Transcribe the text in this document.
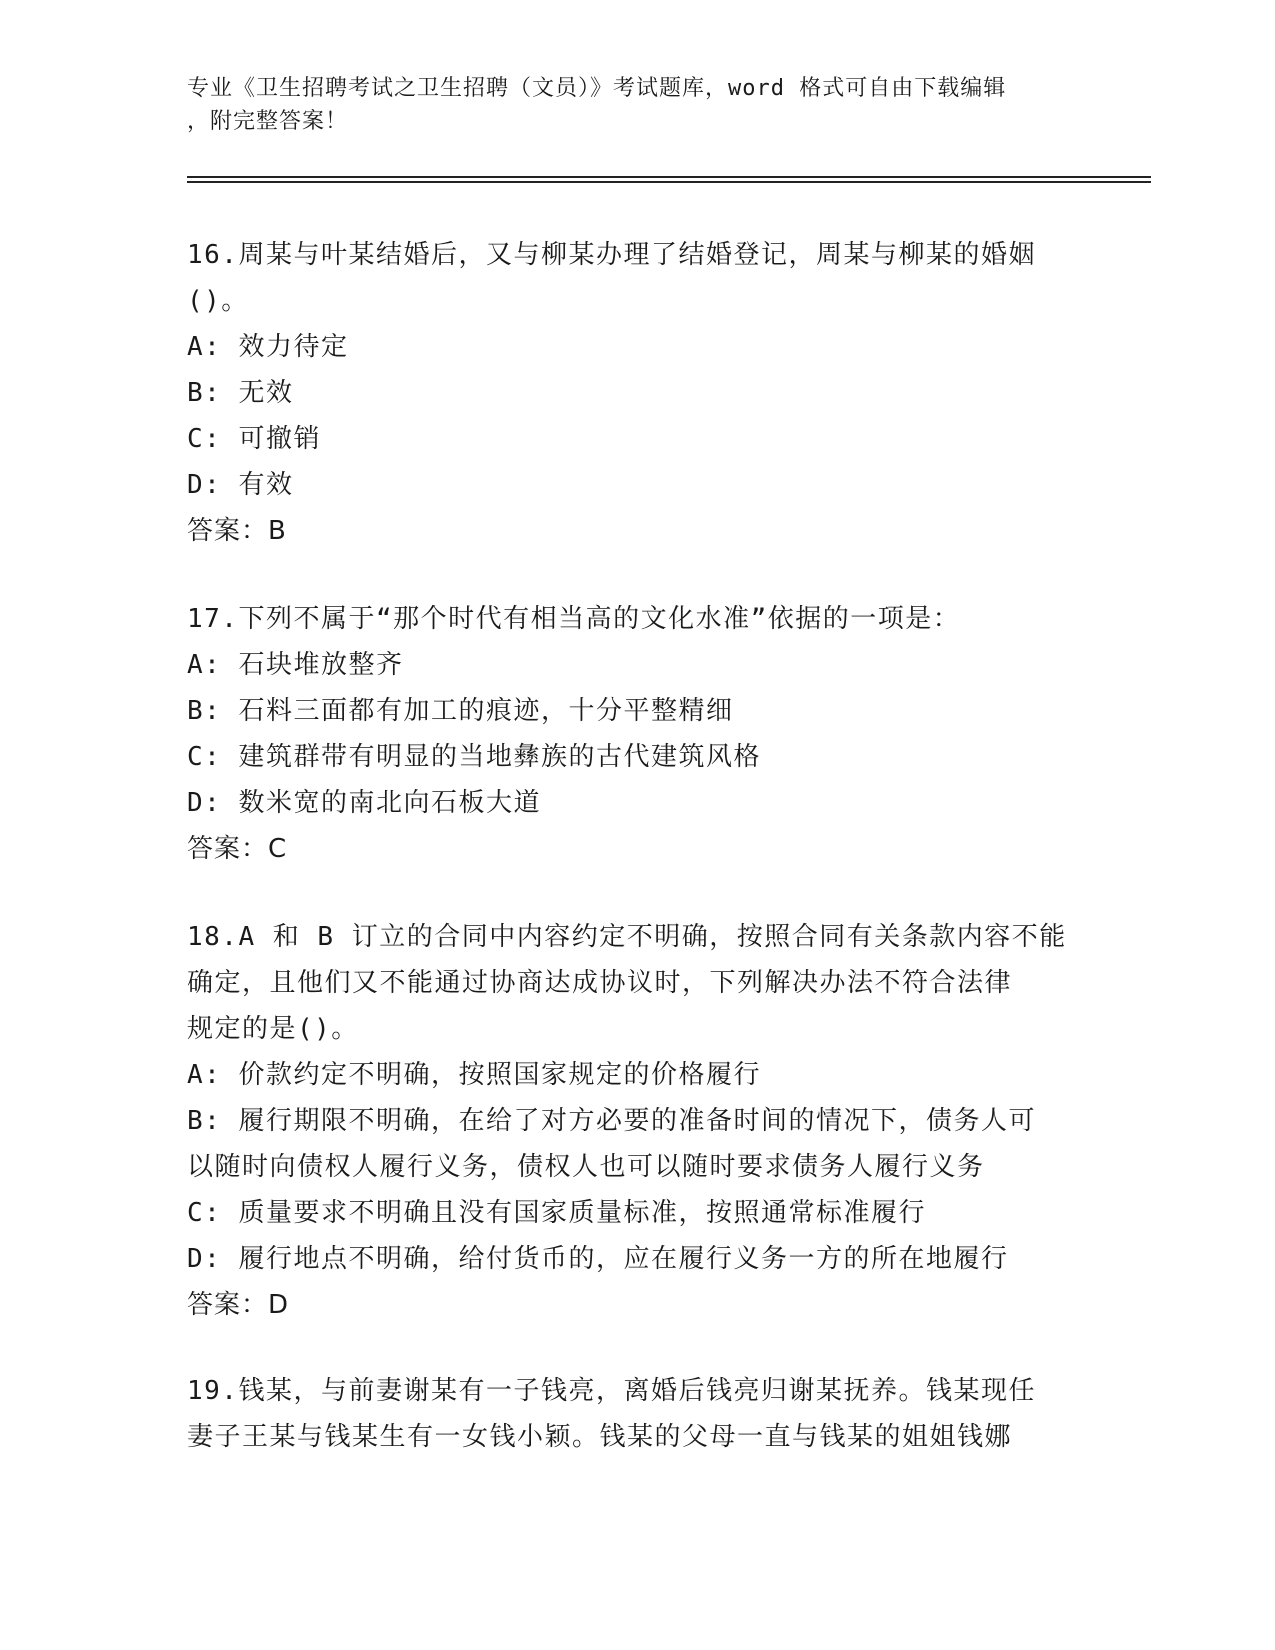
专业《卫生招聘考试之卫生招聘（文员）》考试题库，word 格式可自由下载编辑
，附完整答案！

16.周某与叶某结婚后，又与柳某办理了结婚登记，周某与柳某的婚姻

()。

A: 效力待定

B: 无效

C: 可撤销

D: 有效

答案：B

17.下列不属于“那个时代有相当高的文化水准”依据的一项是：

A: 石块堆放整齐

B: 石料三面都有加工的痕迹，十分平整精细

C: 建筑群带有明显的当地彝族的古代建筑风格

D: 数米宽的南北向石板大道

答案：C

18.A 和 B 订立的合同中内容约定不明确，按照合同有关条款内容不能

确定，且他们又不能通过协商达成协议时，下列解决办法不符合法律

规定的是()。

A: 价款约定不明确，按照国家规定的价格履行

B: 履行期限不明确，在给了对方必要的准备时间的情况下，债务人可

以随时向债权人履行义务，债权人也可以随时要求债务人履行义务

C: 质量要求不明确且没有国家质量标准，按照通常标准履行

D: 履行地点不明确，给付货币的，应在履行义务一方的所在地履行

答案：D

19.钱某，与前妻谢某有一子钱亮，离婚后钱亮归谢某抚养。钱某现任

妻子王某与钱某生有一女钱小颖。钱某的父母一直与钱某的姐姐钱娜
